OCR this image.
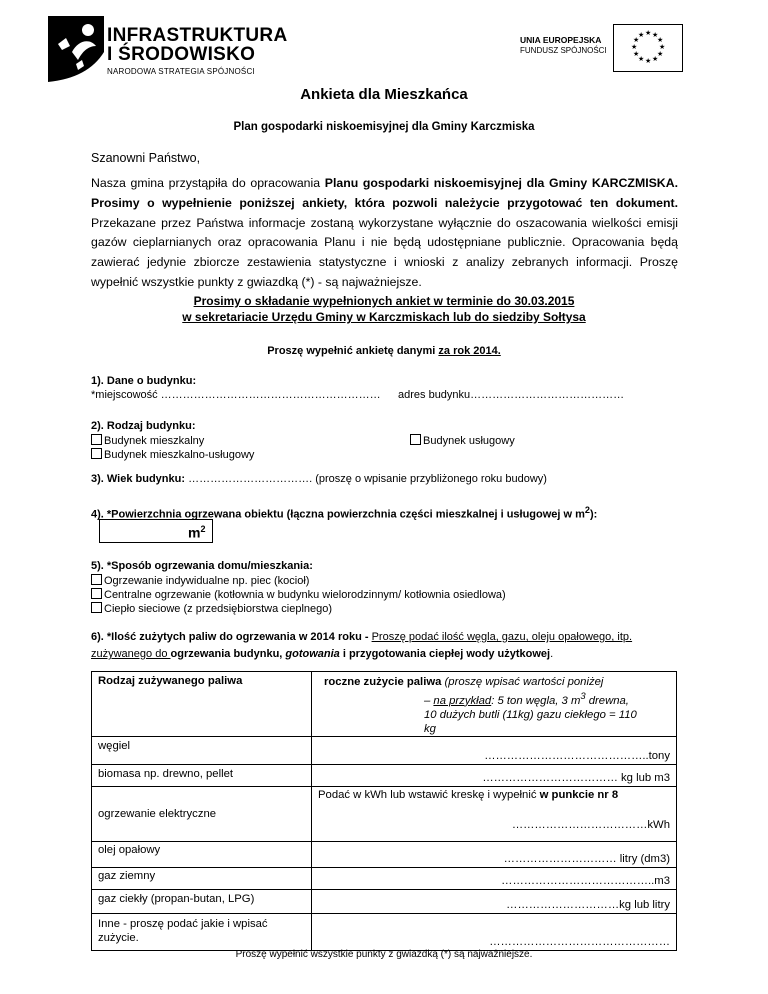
INFRASTRUKTURA
I ŚRODOWISKO
NARODOWA STRATEGIA SPÓJNOŚCI
UNIA EUROPEJSKA
FUNDUSZ SPÓJNOŚCI
★ ★
★
★
★
★
★
★
★
★
★
★
Ankieta dla Mieszkańca
Plan gospodarki niskoemisyjnej dla Gminy Karczmiska
Szanowni Państwo,
Nasza gmina przystąpiła do opracowania Planu gospodarki niskoemisyjnej dla Gminy KARCZMISKA. Prosimy o wypełnienie poniższej ankiety, która pozwoli należycie przygotować ten dokument. Przekazane przez Państwa informacje zostaną wykorzystane wyłącznie do oszacowania wielkości emisji gazów cieplarnianych oraz opracowania Planu i nie będą udostępniane publicznie. Opracowania będą zawierać jedynie zbiorcze zestawienia statystyczne i wnioski z analizy zebranych informacji. Proszę wypełnić wszystkie punkty z gwiazdką (*) - są najważniejsze.
Prosimy o składanie wypełnionych ankiet w terminie do 30.03.2015
w sekretariacie Urzędu Gminy w Karczmiskach lub do siedziby Sołtysa
Proszę wypełnić ankietę danymi za rok 2014.
1). Dane o budynku:
*miejscowość …………………………………………………… adres budynku……………………………………
2). Rodzaj budynku:
Budynek mieszkalny
Budynek mieszkalno-usługowy
Budynek usługowy
3). Wiek budynku: ……………………………. (proszę o wpisanie przybliżonego roku budowy)
4). *Powierzchnia ogrzewana obiektu (łączna powierzchnia części mieszkalnej i usługowej w $m^2$):
$m^2$
5). *Sposób ogrzewania domu/mieszkania:
Ogrzewanie indywidualne np. piec (kocioł)
Centralne ogrzewanie (kotłownia w budynku wielorodzinnym/ kotłownia osiedlowa)
Ciepło sieciowe (z przedsiębiorstwa cieplnego)
6). *Ilość zużytych paliw do ogrzewania w 2014 roku - Proszę podać ilość węgla, gazu, oleju opałowego, itp. zużywanego do ogrzewania budynku, gotowania i przygotowania ciepłej wody użytkowej.
Rodzaj zużywanego paliwa	roczne zużycie paliwa (proszę wpisać wartości poniżej

– na przykład: 5 ton węgla, 3 $m^3$ drewna,
10 dużych butli (11kg) gazu ciekłego = 110
kg

węgiel	……………………………………..tony
biomasa np. drewno, pellet	……………………………… kg lub m3
ogrzewanie elektryczne	Podać w kWh lub wstawić kreskę i wypełnić w punkcie nr 8
………………………………kWh

olej opałowy	………………………… litry (dm3)
gaz ziemny	…………………………………..m3
gaz ciekły (propan-butan, LPG)	…………………………kg lub litry
Inne - proszę podać jakie i wpisać zużycie.	…………………………………………
Proszę wypełnić wszystkie punkty z gwiazdką (*) są najważniejsze.
